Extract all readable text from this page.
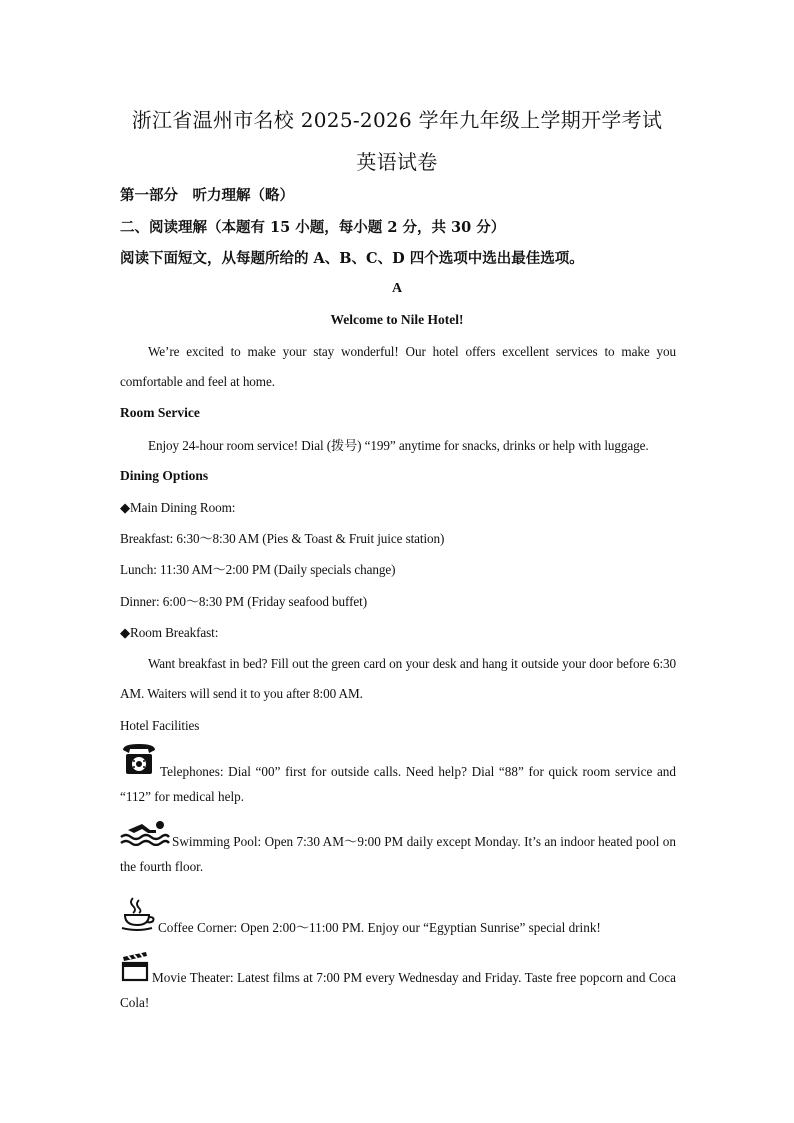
浙江省温州市名校 2025-2026 学年九年级上学期开学考试
英语试卷
第一部分　听力理解（略）
二、阅读理解（本题有 15 小题，每小题 2 分，共 30 分）
阅读下面短文，从每题所给的 A、B、C、D 四个选项中选出最佳选项。
A
Welcome to Nile Hotel!
We’re excited to make your stay wonderful! Our hotel offers excellent services to make you comfortable and feel at home.
Room Service
Enjoy 24-hour room service! Dial (拨号) “199” anytime for snacks, drinks or help with luggage.
Dining Options
◆Main Dining Room:
Breakfast: 6:30～8:30 AM (Pies & Toast & Fruit juice station)
Lunch: 11:30 AM～2:00 PM (Daily specials change)
Dinner: 6:00～8:30 PM (Friday seafood buffet)
◆Room Breakfast:
Want breakfast in bed? Fill out the green card on your desk and hang it outside your door before 6:30 AM. Waiters will send it to you after 8:00 AM.
Hotel Facilities
Telephones: Dial “00” first for outside calls. Need help? Dial “88” for quick room service and “112” for medical help.
Swimming Pool: Open 7:30 AM～9:00 PM daily except Monday. It’s an indoor heated pool on the fourth floor.
Coffee Corner: Open 2:00～11:00 PM. Enjoy our “Egyptian Sunrise” special drink!
Movie Theater: Latest films at 7:00 PM every Wednesday and Friday. Taste free popcorn and Coca Cola!
